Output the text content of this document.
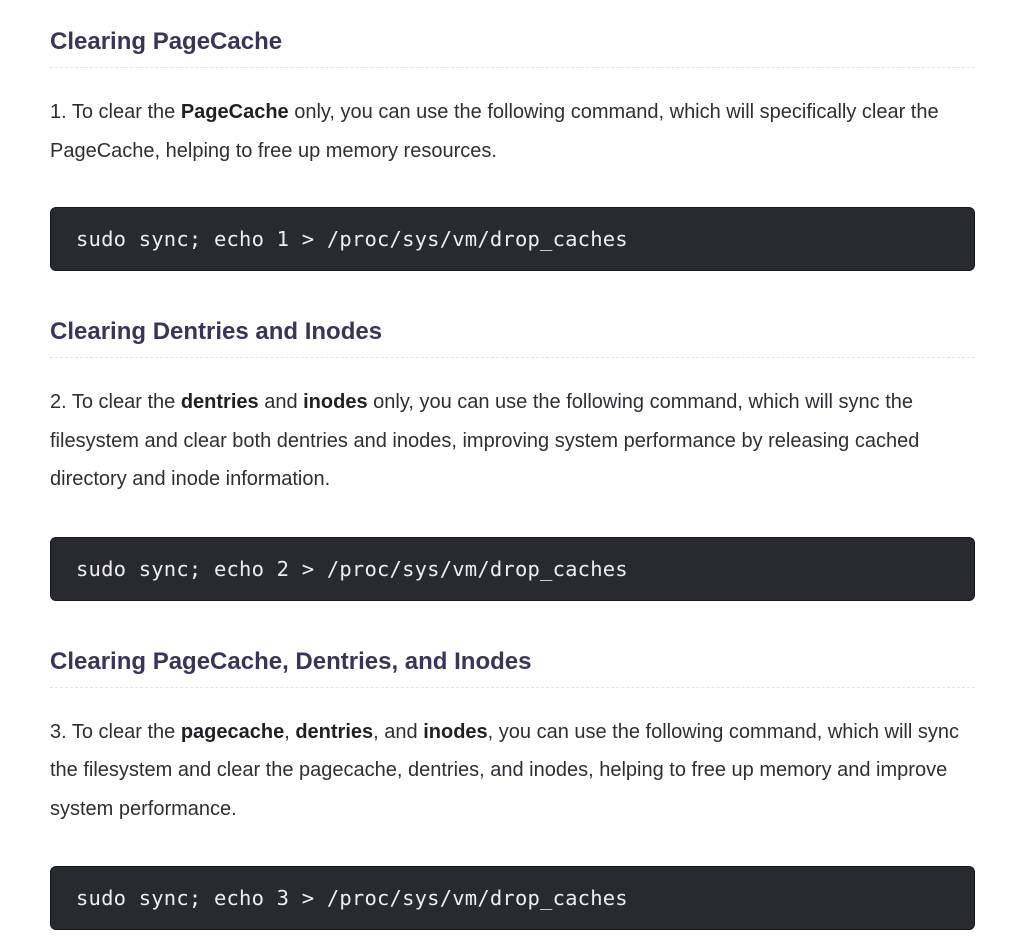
Clearing PageCache

1. To clear the PageCache only, you can use the following command, which will specifically clear the PageCache, helping to free up memory resources.

sudo sync; echo 1 > /proc/sys/vm/drop_caches
Clearing Dentries and Inodes

2. To clear the dentries and inodes only, you can use the following command, which will sync the filesystem and clear both dentries and inodes, improving system performance by releasing cached directory and inode information.

sudo sync; echo 2 > /proc/sys/vm/drop_caches
Clearing PageCache, Dentries, and Inodes

3. To clear the pagecache, dentries, and inodes, you can use the following command, which will sync the filesystem and clear the pagecache, dentries, and inodes, helping to free up memory and improve system performance.

sudo sync; echo 3 > /proc/sys/vm/drop_caches
